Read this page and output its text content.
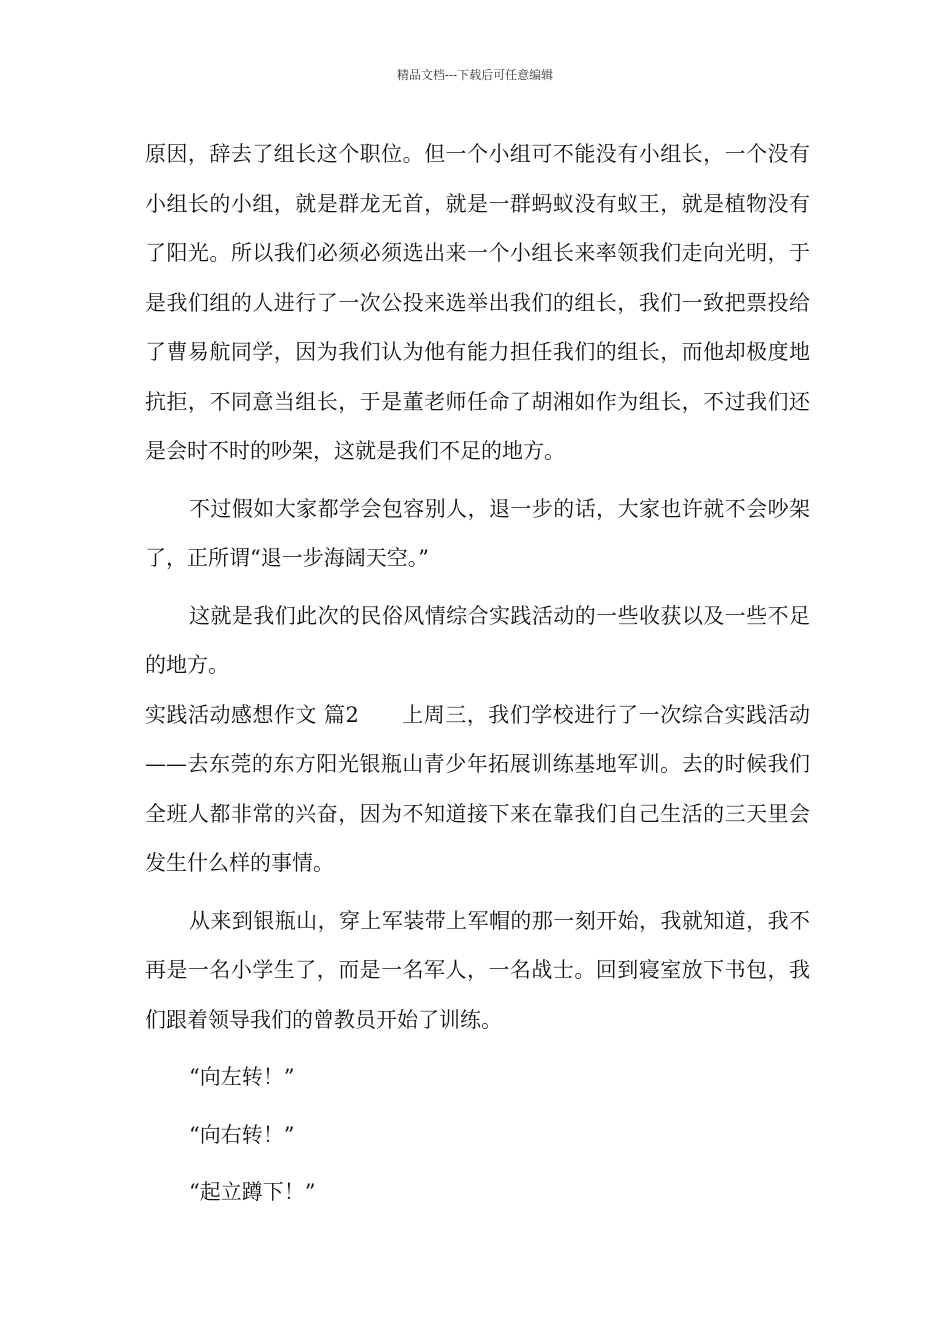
精品文档---下载后可任意编辑

原因，辞去了组长这个职位。但一个小组可不能没有小组长，一个没有小组长的小组，就是群龙无首，就是一群蚂蚁没有蚁王，就是植物没有了阳光。所以我们必须必须选出来一个小组长来率领我们走向光明，于是我们组的人进行了一次公投来选举出我们的组长，我们一致把票投给了曹易航同学，因为我们认为他有能力担任我们的组长，而他却极度地抗拒，不同意当组长，于是董老师任命了胡湘如作为组长，不过我们还是会时不时的吵架，这就是我们不足的地方。

不过假如大家都学会包容别人，退一步的话，大家也许就不会吵架了，正所谓“退一步海阔天空。”

这就是我们此次的民俗风情综合实践活动的一些收获以及一些不足的地方。

实践活动感想作文 篇2　　上周三，我们学校进行了一次综合实践活动——去东莞的东方阳光银瓶山青少年拓展训练基地军训。去的时候我们全班人都非常的兴奋，因为不知道接下来在靠我们自己生活的三天里会发生什么样的事情。

从来到银瓶山，穿上军装带上军帽的那一刻开始，我就知道，我不再是一名小学生了，而是一名军人，一名战士。回到寝室放下书包，我们跟着领导我们的曾教员开始了训练。

“向左转！”

“向右转！”

“起立蹲下！”
